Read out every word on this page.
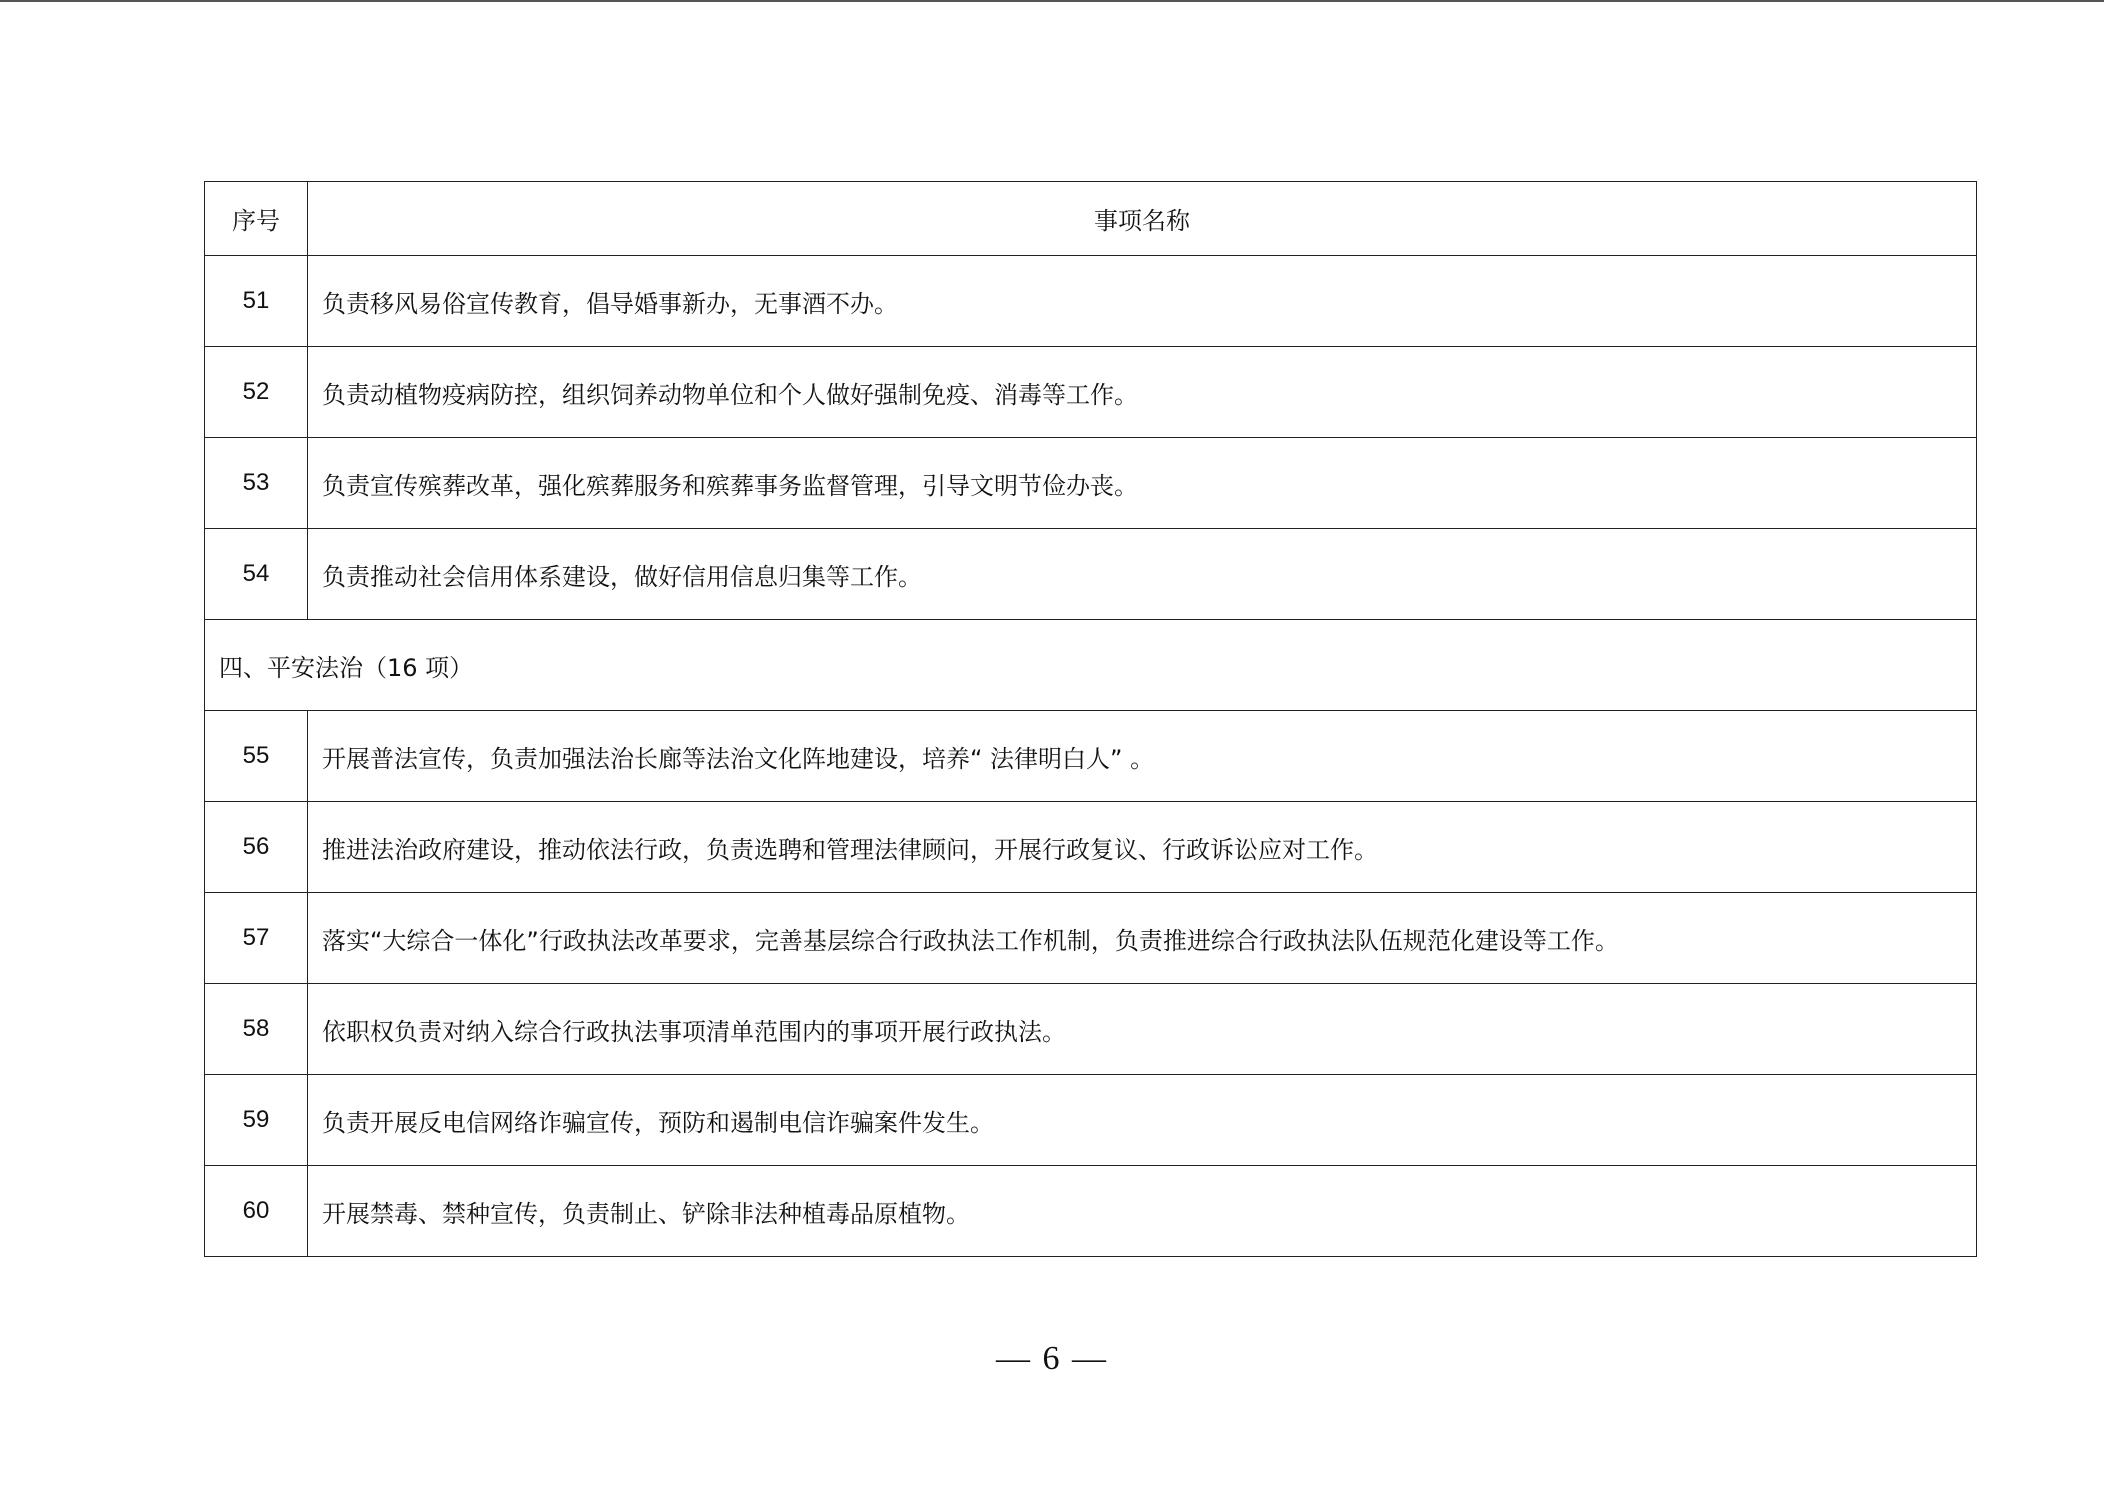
序号	事项名称
51	负责移风易俗宣传教育，倡导婚事新办，无事酒不办。
52	负责动植物疫病防控，组织饲养动物单位和个人做好强制免疫、消毒等工作。
53	负责宣传殡葬改革，强化殡葬服务和殡葬事务监督管理，引导文明节俭办丧。
54	负责推动社会信用体系建设，做好信用信息归集等工作。
四、平安法治（16 项）	
55	开展普法宣传，负责加强法治长廊等法治文化阵地建设，培养“ 法律明白人” 。
56	推进法治政府建设，推动依法行政，负责选聘和管理法律顾问，开展行政复议、行政诉讼应对工作。
57	落实“大综合一体化”行政执法改革要求，完善基层综合行政执法工作机制，负责推进综合行政执法队伍规范化建设等工作。
58	依职权负责对纳入综合行政执法事项清单范围内的事项开展行政执法。
59	负责开展反电信网络诈骗宣传，预防和遏制电信诈骗案件发生。
60	开展禁毒、禁种宣传，负责制止、铲除非法种植毒品原植物。
— 6 —
